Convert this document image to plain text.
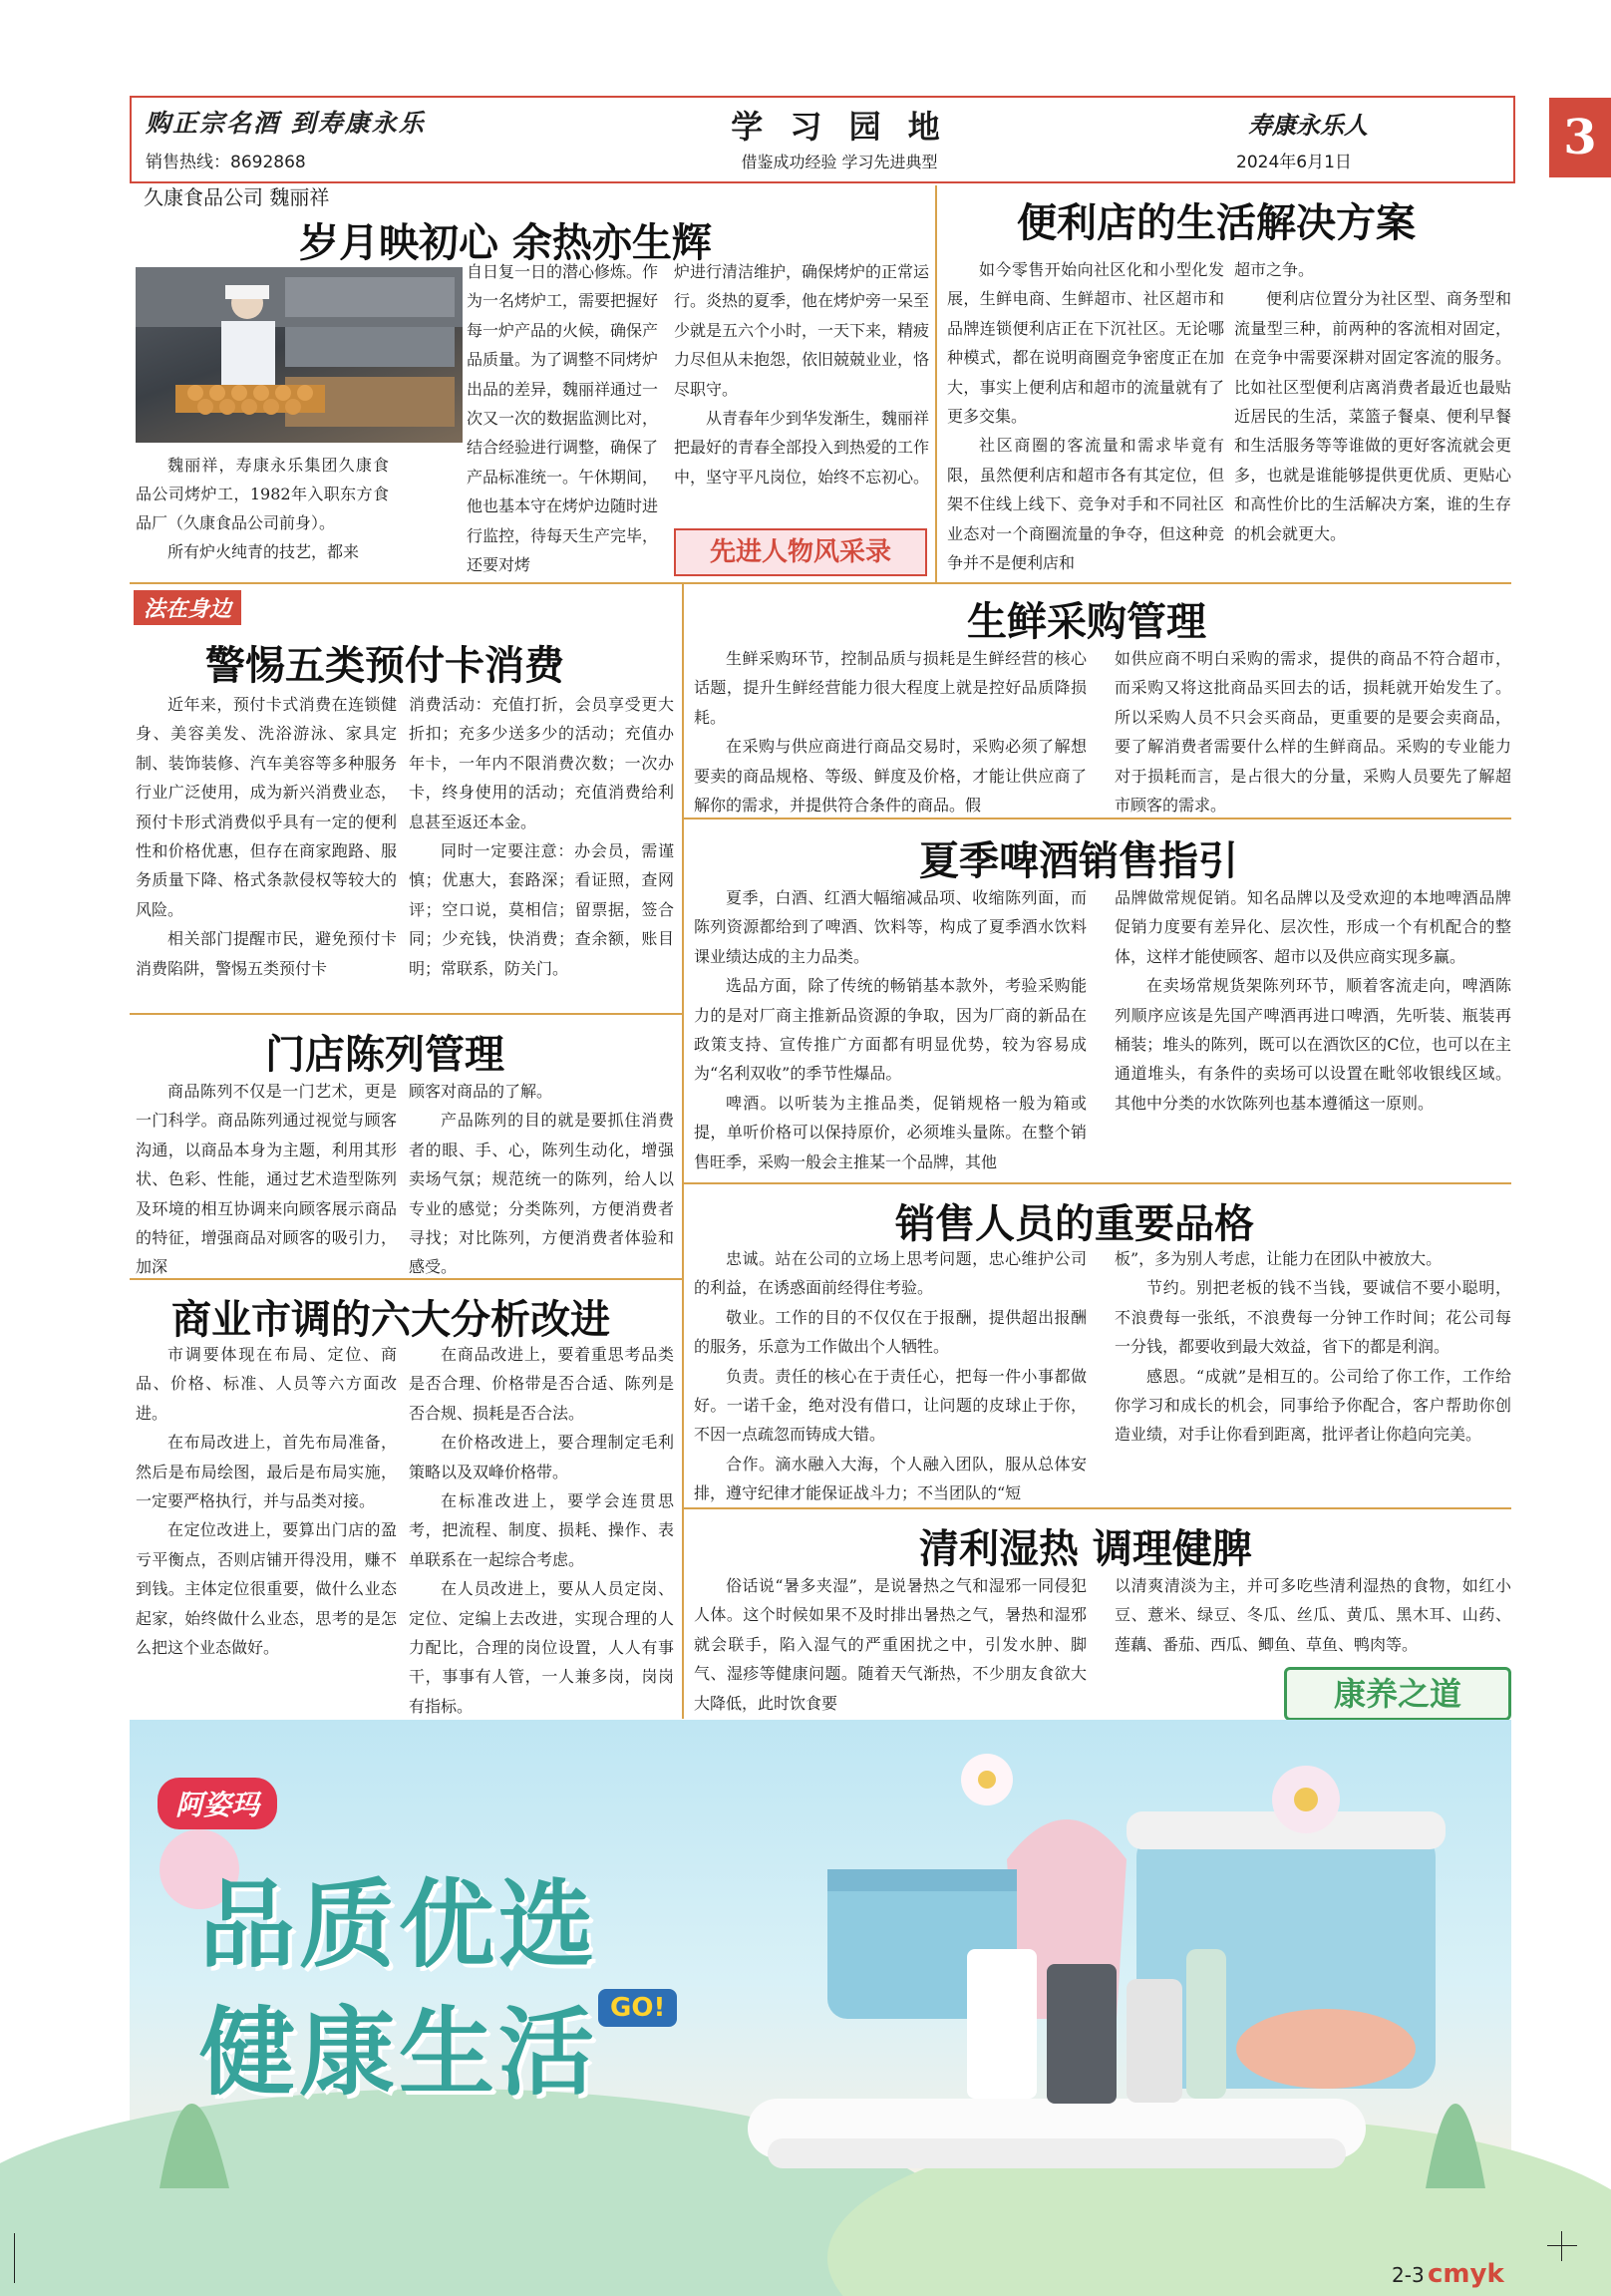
购正宗名酒 到寿康永乐
销售热线：8692868
学 习 园 地
借鉴成功经验 学习先进典型
寿康永乐人
2024年6月1日	3
久康食品公司 魏丽祥
岁月映初心 余热亦生辉

魏丽祥，寿康永乐集团久康食品公司烤炉工，1982年入职东方食品厂（久康食品公司前身）。

所有炉火纯青的技艺，都来

自日复一日的潜心修炼。作为一名烤炉工，需要把握好每一炉产品的火候，确保产品质量。为了调整不同烤炉出品的差异，魏丽祥通过一次又一次的数据监测比对，结合经验进行调整，确保了产品标准统一。午休期间，他也基本守在烤炉边随时进行监控，待每天生产完毕，还要对烤

炉进行清洁维护，确保烤炉的正常运行。炎热的夏季，他在烤炉旁一呆至少就是五六个小时，一天下来，精疲力尽但从未抱怨，依旧兢兢业业，恪尽职守。

从青春年少到华发渐生，魏丽祥把最好的青春全部投入到热爱的工作中，坚守平凡岗位，始终不忘初心。

先进人物风采录
便利店的生活解决方案

如今零售开始向社区化和小型化发展，生鲜电商、生鲜超市、社区超市和品牌连锁便利店正在下沉社区。无论哪种模式，都在说明商圈竞争密度正在加大，事实上便利店和超市的流量就有了更多交集。

社区商圈的客流量和需求毕竟有限，虽然便利店和超市各有其定位，但架不住线上线下、竞争对手和不同社区业态对一个商圈流量的争夺，但这种竞争并不是便利店和

超市之争。

便利店位置分为社区型、商务型和流量型三种，前两种的客流相对固定，在竞争中需要深耕对固定客流的服务。比如社区型便利店离消费者最近也最贴近居民的生活，菜篮子餐桌、便利早餐和生活服务等等谁做的更好客流就会更多，也就是谁能够提供更优质、更贴心和高性价比的生活解决方案，谁的生存的机会就更大。

法在身边
警惕五类预付卡消费

近年来，预付卡式消费在连锁健身、美容美发、洗浴游泳、家具定制、装饰装修、汽车美容等多种服务行业广泛使用，成为新兴消费业态，预付卡形式消费似乎具有一定的便利性和价格优惠，但存在商家跑路、服务质量下降、格式条款侵权等较大的风险。

相关部门提醒市民，避免预付卡消费陷阱，警惕五类预付卡

消费活动：充值打折，会员享受更大折扣；充多少送多少的活动；充值办年卡，一年内不限消费次数；一次办卡，终身使用的活动；充值消费给利息甚至返还本金。

同时一定要注意：办会员，需谨慎；优惠大，套路深；看证照，查网评；空口说，莫相信；留票据，签合同；少充钱，快消费；查余额，账目明；常联系，防关门。

生鲜采购管理

生鲜采购环节，控制品质与损耗是生鲜经营的核心话题，提升生鲜经营能力很大程度上就是控好品质降损耗。

在采购与供应商进行商品交易时，采购必须了解想要卖的商品规格、等级、鲜度及价格，才能让供应商了解你的需求，并提供符合条件的商品。假

如供应商不明白采购的需求，提供的商品不符合超市，而采购又将这批商品买回去的话，损耗就开始发生了。所以采购人员不只会买商品，更重要的是要会卖商品，要了解消费者需要什么样的生鲜商品。采购的专业能力对于损耗而言，是占很大的分量，采购人员要先了解超市顾客的需求。

夏季啤酒销售指引

夏季，白酒、红酒大幅缩减品项、收缩陈列面，而陈列资源都给到了啤酒、饮料等，构成了夏季酒水饮料课业绩达成的主力品类。

选品方面，除了传统的畅销基本款外，考验采购能力的是对厂商主推新品资源的争取，因为厂商的新品在政策支持、宣传推广方面都有明显优势，较为容易成为“名利双收”的季节性爆品。

啤酒。以听装为主推品类，促销规格一般为箱或提，单听价格可以保持原价，必须堆头量陈。在整个销售旺季，采购一般会主推某一个品牌，其他

品牌做常规促销。知名品牌以及受欢迎的本地啤酒品牌促销力度要有差异化、层次性，形成一个有机配合的整体，这样才能使顾客、超市以及供应商实现多赢。

在卖场常规货架陈列环节，顺着客流走向，啤酒陈列顺序应该是先国产啤酒再进口啤酒，先听装、瓶装再桶装；堆头的陈列，既可以在酒饮区的C位，也可以在主通道堆头，有条件的卖场可以设置在毗邻收银线区域。其他中分类的水饮陈列也基本遵循这一原则。

门店陈列管理

商品陈列不仅是一门艺术，更是一门科学。商品陈列通过视觉与顾客沟通，以商品本身为主题，利用其形状、色彩、性能，通过艺术造型陈列及环境的相互协调来向顾客展示商品的特征，增强商品对顾客的吸引力，加深

顾客对商品的了解。

产品陈列的目的就是要抓住消费者的眼、手、心，陈列生动化，增强卖场气氛；规范统一的陈列，给人以专业的感觉；分类陈列，方便消费者寻找；对比陈列，方便消费者体验和感受。

商业市调的六大分析改进

市调要体现在布局、定位、商品、价格、标准、人员等六方面改进。

在布局改进上，首先布局准备，然后是布局绘图，最后是布局实施，一定要严格执行，并与品类对接。

在定位改进上，要算出门店的盈亏平衡点，否则店铺开得没用，赚不到钱。主体定位很重要，做什么业态起家，始终做什么业态，思考的是怎么把这个业态做好。

在商品改进上，要着重思考品类是否合理、价格带是否合适、陈列是否合规、损耗是否合法。

在价格改进上，要合理制定毛利策略以及双峰价格带。

在标准改进上，要学会连贯思考，把流程、制度、损耗、操作、表单联系在一起综合考虑。

在人员改进上，要从人员定岗、定位、定编上去改进，实现合理的人力配比，合理的岗位设置，人人有事干，事事有人管，一人兼多岗，岗岗有指标。

销售人员的重要品格

忠诚。站在公司的立场上思考问题，忠心维护公司的利益，在诱惑面前经得住考验。

敬业。工作的目的不仅仅在于报酬，提供超出报酬的服务，乐意为工作做出个人牺牲。

负责。责任的核心在于责任心，把每一件小事都做好。一诺千金，绝对没有借口，让问题的皮球止于你，不因一点疏忽而铸成大错。

合作。滴水融入大海，个人融入团队，服从总体安排，遵守纪律才能保证战斗力；不当团队的“短

板”，多为别人考虑，让能力在团队中被放大。

节约。别把老板的钱不当钱，要诚信不要小聪明，不浪费每一张纸，不浪费每一分钟工作时间；花公司每一分钱，都要收到最大效益，省下的都是利润。

感恩。“成就”是相互的。公司给了你工作，工作给你学习和成长的机会，同事给予你配合，客户帮助你创造业绩，对手让你看到距离，批评者让你趋向完美。

清利湿热 调理健脾

俗话说“暑多夹湿”，是说暑热之气和湿邪一同侵犯人体。这个时候如果不及时排出暑热之气，暑热和湿邪就会联手，陷入湿气的严重困扰之中，引发水肿、脚气、湿疹等健康问题。随着天气渐热，不少朋友食欲大大降低，此时饮食要

以清爽清淡为主，并可多吃些清利湿热的食物，如红小豆、薏米、绿豆、冬瓜、丝瓜、黄瓜、黑木耳、山药、莲藕、番茄、西瓜、鲫鱼、草鱼、鸭肉等。

康养之道
阿姿玛
品质优选
健康生活 GO!
2-3 cmyk
